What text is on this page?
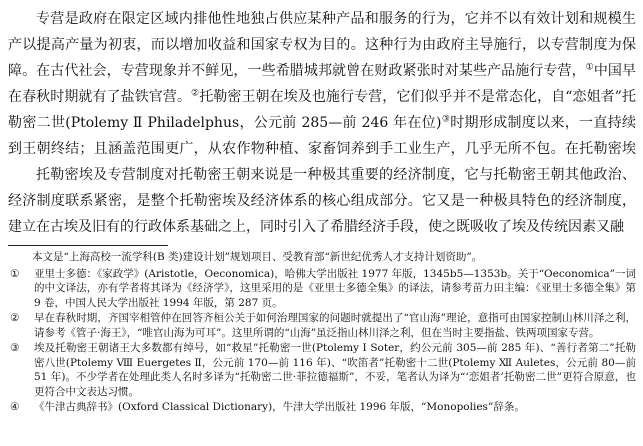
专营是政府在限定区域内排他性地独占供应某种产品和服务的行为，它并不以有效计划和规模生产以提高产量为初衷，而以增加收益和国家专权为目的。这种行为由政府主导施行，以专营制度为保障。在古代社会，专营现象并不鲜见，一些希腊城邦就曾在财政紧张时对某些产品施行专营，①中国早在春秋时期就有了盐铁官营。②托勒密王朝在埃及也施行专营，它们似乎并不是常态化，自“恋姐者”托勒密二世(Ptolemy Ⅱ Philadelphus，公元前 285—前 246 年在位)③时期形成制度以来，一直持续到王朝终结；且涵盖范围更广，从农作物种植、家畜饲养到手工业生产，几乎无所不包。在托勒密埃

托勒密埃及专营制度对托勒密王朝来说是一种极其重要的经济制度，它与托勒密王朝其他政治、经济制度联系紧密，是整个托勒密埃及经济体系的核心组成部分。它又是一种极具特色的经济制度，建立在古埃及旧有的行政体系基础之上，同时引入了希腊经济手段，使之既吸收了埃及传统因素又融

本文是“上海高校一流学科(B 类)建设计划”规划项目、受教育部“新世纪优秀人才支持计划资助”。

①	亚里士多德：《家政学》(Aristotle，Oeconomica)，哈佛大学出版社 1977 年版，1345b5—1353b。关于“Oeconomica”一词的中文译法，亦有学者将其译为《经济学》，这里采用的是《亚里士多德全集》的译法，请参考苗力田主编：《亚里士多德全集》第 9 卷，中国人民大学出版社 1994 年版，第 287 页。
②	早在春秋时期，齐国宰相管仲在回答齐桓公关于如何治理国家的问题时就提出了“官山海”理论，意指可由国家控制山林川泽之利，请参考《管子·海王》，“唯官山海为可耳”。这里所谓的“山海”虽泛指山林川泽之利，但在当时主要指盐、铁两项国家专营。
③	埃及托勒密王朝诸王大多数都有绰号，如“救星”托勒密一世(Ptolemy Ⅰ Soter，约公元前 305—前 285 年)、“善行者第二”托勒密八世(Ptolemy Ⅷ Euergetes Ⅱ，公元前 170—前 116 年)、“吹笛者”托勒密十二世(Ptolemy Ⅻ Auletes，公元前 80—前 51 年)。不少学者在处理此类人名时多译为“托勒密二世·菲拉德福斯”，不妥，笔者认为译为“‘恋姐者’托勒密二世”更符合原意，也更符合中文表达习惯。
④	《牛津古典辞书》(Oxford Classical Dictionary)，牛津大学出版社 1996 年版，“Monopolies”辞条。
